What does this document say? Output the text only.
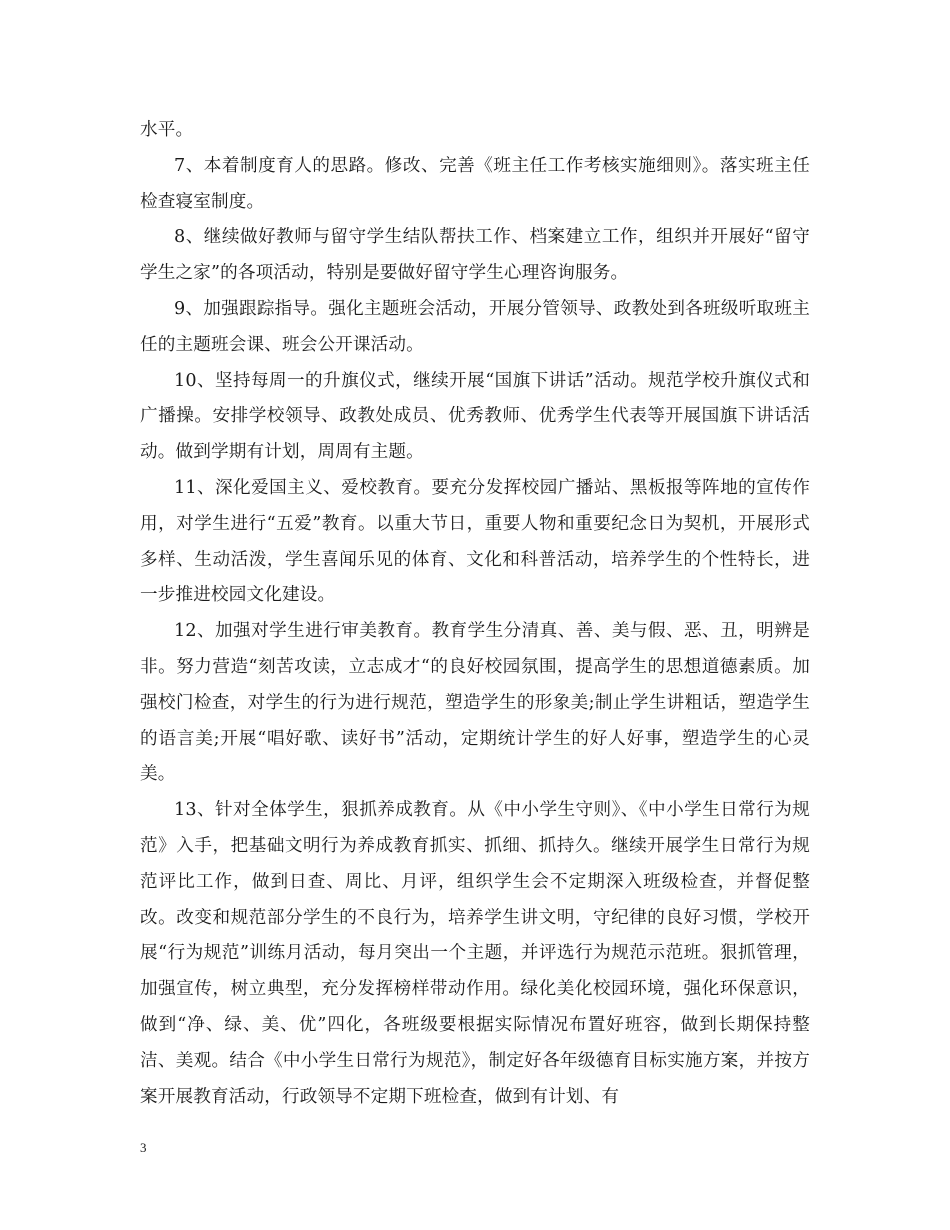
水平。

7、本着制度育人的思路。修改、完善《班主任工作考核实施细则》。落实班主任检查寝室制度。

8、继续做好教师与留守学生结队帮扶工作、档案建立工作，组织并开展好“留守学生之家”的各项活动，特别是要做好留守学生心理咨询服务。

9、加强跟踪指导。强化主题班会活动，开展分管领导、政教处到各班级听取班主任的主题班会课、班会公开课活动。

10、坚持每周一的升旗仪式，继续开展“国旗下讲话”活动。规范学校升旗仪式和广播操。安排学校领导、政教处成员、优秀教师、优秀学生代表等开展国旗下讲话活动。做到学期有计划，周周有主题。

11、深化爱国主义、爱校教育。要充分发挥校园广播站、黑板报等阵地的宣传作用，对学生进行“五爱”教育。以重大节日，重要人物和重要纪念日为契机，开展形式多样、生动活泼，学生喜闻乐见的体育、文化和科普活动，培养学生的个性特长，进一步推进校园文化建设。

12、加强对学生进行审美教育。教育学生分清真、善、美与假、恶、丑，明辨是非。努力营造“刻苦攻读，立志成才“的良好校园氛围，提高学生的思想道德素质。加强校门检查，对学生的行为进行规范，塑造学生的形象美;制止学生讲粗话，塑造学生的语言美;开展“唱好歌、读好书”活动，定期统计学生的好人好事，塑造学生的心灵美。

13、针对全体学生，狠抓养成教育。从《中小学生守则》、《中小学生日常行为规范》入手，把基础文明行为养成教育抓实、抓细、抓持久。继续开展学生日常行为规范评比工作，做到日查、周比、月评，组织学生会不定期深入班级检查，并督促整改。改变和规范部分学生的不良行为，培养学生讲文明，守纪律的良好习惯，学校开展“行为规范”训练月活动，每月突出一个主题，并评选行为规范示范班。狠抓管理，加强宣传，树立典型，充分发挥榜样带动作用。绿化美化校园环境，强化环保意识，做到“净、绿、美、优”四化，各班级要根据实际情况布置好班容，做到长期保持整洁、美观。结合《中小学生日常行为规范》，制定好各年级德育目标实施方案，并按方案开展教育活动，行政领导不定期下班检查，做到有计划、有

3
